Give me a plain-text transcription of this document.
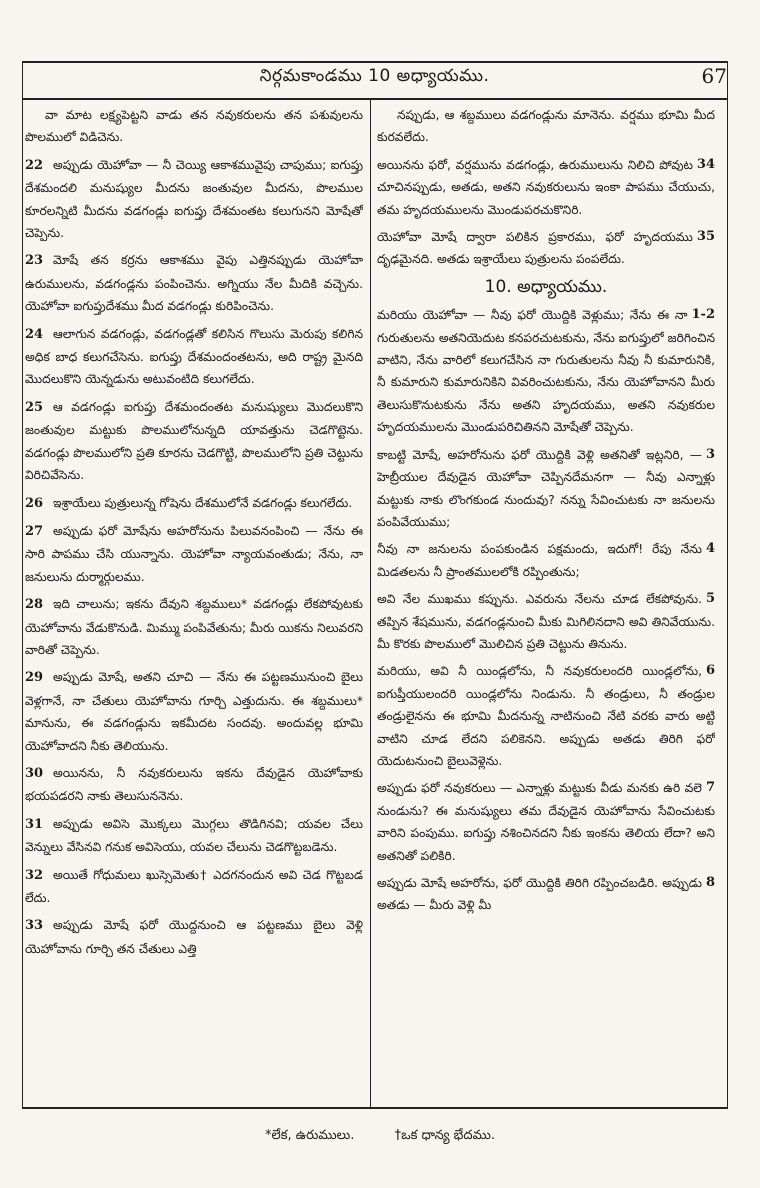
నిర్గమకాండము 10 అధ్యాయము.	67

వా మాట లక్ష్యపెట్టని వాడు తన నవుకరులను తన పశువులను పొలములో విడిచెను.

22 అప్పుడు యెహోవా — నీ చెయ్యి ఆకాశమువైపు చాపుము; ఐగుప్తు దేశమందలి మనుష్యుల మీదను జంతువుల మీదను, పొలముల కూరలన్నిటి మీదను వడగండ్లు ఐగుప్తు దేశమంతట కలుగునని మోషేతో చెప్పెను.

23 మోషే తన కర్రను ఆకాశము వైపు ఎత్తినప్పుడు యెహోవా ఉరుములను, వడగండ్లను పంపించెను. అగ్నియు నేల మీదికి వచ్చెను. యెహోవా ఐగుప్తుదేశము మీద వడగండ్లు కురిపించెను.

24 ఆలాగున వడగండ్లు, వడగండ్లతో కలిసిన గొలుసు మెరుపు కలిగిన అధిక బాధ కలుగచేసెను. ఐగుప్తు దేశమందంతటను, అది రాష్ట్ర మైనది మొదలుకొని యెన్నడును అటువంటిది కలుగలేదు.

25 ఆ వడగండ్లు ఐగుప్తు దేశమందంతట మనుష్యులు మొదలుకొని జంతువుల మట్టుకు పొలములోనున్నది యావత్తును చెడగొట్టెను. వడగండ్లు పొలములోని ప్రతి కూరను చెడగొట్టి, పొలములోని ప్రతి చెట్టును విరిచివేసెను.

26 ఇశ్రాయేలు పుత్రులున్న గోషెను దేశములోనే వడగండ్లు కలుగలేదు.

27 అప్పుడు ఫరో మోషేను అహరోనును పిలువనంపించి — నేను ఈ సారి పాపము చేసి యున్నాను. యెహోవా న్యాయవంతుడు; నేను, నా జనులును దుర్మార్గులము.

28 ఇది చాలును; ఇకను దేవుని శబ్దములు* వడగండ్లు లేకపోవుటకు యెహోవాను వేడుకొనుడి. మిమ్ము పంపివేతును; మీరు యికను నిలువరని వారితో చెప్పెను.

29 అప్పుడు మోషే, అతని చూచి — నేను ఈ పట్టణమునుంచి బైలు వెళ్లగానే, నా చేతులు యెహోవాను గూర్చి ఎత్తుదును. ఈ శబ్దములు* మానును, ఈ వడగండ్లును ఇకమీదట సందవు. అందువల్ల భూమి యెహోవాదని నీకు తెలియును.

30 అయినను, నీ నవుకరులును ఇకను దేవుడైన యెహోవాకు భయపడరని నాకు తెలుసుననెను.

31 అప్పుడు అవిసె మొక్కలు మొగ్గలు తొడిగినవి; యవల చేలు వెన్నులు వేసినవి గనుక అవిసెయు, యవల చేలును చెడగొట్టబడెను.

32 అయితే గోధుమలు ఖుస్సెమెతు† ఎదగనందున అవి చెడ గొట్టబడ లేదు.

33 అప్పుడు మోషే ఫరో యొద్దనుంచి ఆ పట్టణము బైలు వెళ్లి యెహోవాను గూర్చి తన చేతులు ఎత్తి

నప్పుడు, ఆ శబ్దములు వడగండ్లును మానెను. వర్షము భూమి మీద కురవలేదు.

34
అయినను ఫరో, వర్షమును వడగండ్లు, ఉరుములును నిలిచి పోవుట చూచినప్పుడు, అతడు, అతని నవుకరులును ఇంకా పాపము చేయుచు, తమ హృదయములను మొండుపరచుకొనిరి.

35
యెహోవా మోషే ద్వారా పలికిన ప్రకారము, ఫరో హృదయము దృఢమైనది. అతడు ఇశ్రాయేలు పుత్రులను పంపలేదు.

10. అధ్యాయము.

1-2
మరియు యెహోవా — నీవు ఫరో యొద్దికి వెళ్లుము; నేను ఈ నా గురుతులను అతనియెదుట కనపరచుటకును, నేను ఐగుప్తులో జరిగించిన వాటిని, నేను వారిలో కలుగచేసిన నా గురుతులను నీవు నీ కుమారునికి, నీ కుమారుని కుమారునికిని వివరించుటకును, నేను యెహోవానని మీరు తెలుసుకొనుటకును నేను అతని హృదయము, అతని నవుకరుల హృదయములను మొండుపరిచితినని మోషేతో చెప్పెను.

3
కాబట్టి మోషే, అహరోనును ఫరో యొద్దికి వెళ్లి అతనితో ఇట్లనిరి, — హెబ్రీయుల దేవుడైన యెహోవా చెప్పినదేమనగా — నీవు ఎన్నాళ్లు మట్టుకు నాకు లొంగకుండ నుందువు? నన్ను సేవించుటకు నా జనులను పంపివేయుము;

4
నీవు నా జనులను పంపకుండిన పక్షమందు, ఇదుగో! రేపు నేను మిడతలను నీ ప్రాంతములలోకి రప్పింతును;

5
అవి నేల ముఖము కప్పును. ఎవరును నేలను చూడ లేకపోవును. తప్పిన శేషమును, వడగండ్లనుంచి మీకు మిగిలినదాని అవి తినివేయును. మీ కొరకు పొలములో మొలిచిన ప్రతి చెట్టును తినును.

6
మరియు, అవి నీ యిండ్లలోను, నీ నవుకరులందరి యిండ్లలోను, ఐగుప్తీయులందరి యిండ్లలోను నిండును. నీ తండ్రులు, నీ తండ్రుల తండ్రులైనను ఈ భూమి మీదనున్న నాటినుంచి నేటి వరకు వారు అట్టి వాటిని చూడ లేదని పలికెనని. అప్పుడు అతడు తిరిగి ఫరో యెదుటనుంచి బైలువెళ్లెను.

7
అప్పుడు ఫరో నవుకరులు — ఎన్నాళ్లు మట్టుకు వీడు మనకు ఉరి వలె నుండును? ఈ మనుష్యులు తమ దేవుడైన యెహోవాను సేవించుటకు వారిని పంపుము. ఐగుప్తు నశించినదని నీకు ఇంకను తెలియ లేదా? అని అతనితో పలికిరి.

8
అప్పుడు మోషే అహరోను, ఫరో యొద్దికి తిరిగి రప్పించబడిరి. అప్పుడు అతడు — మీరు వెళ్లి మీ

*లేక, ఉరుములు.	†ఒక ధాన్య భేదము.
